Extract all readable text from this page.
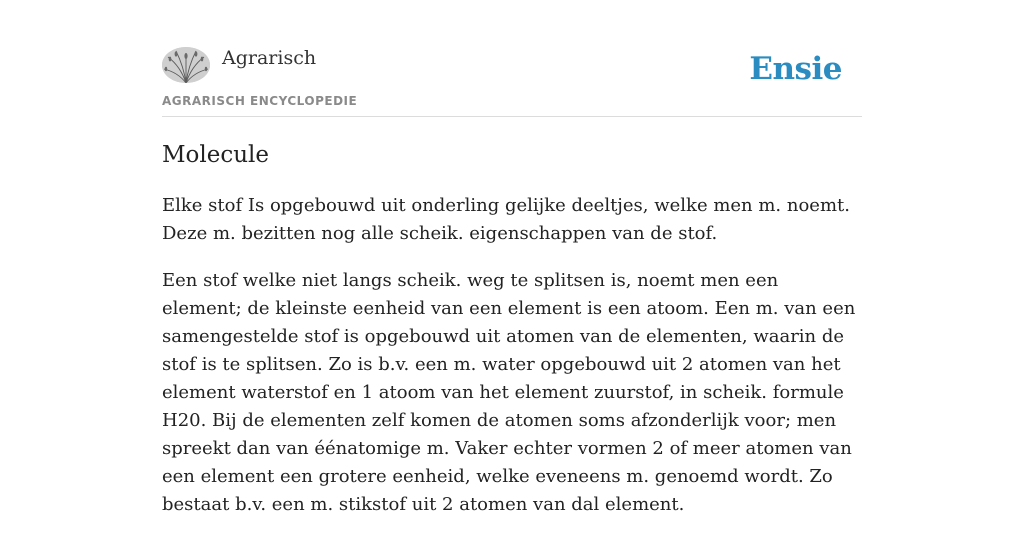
Agrarisch
AGRARISCH ENCYCLOPEDIE
Ensie
Molecule

Elke stof Is opgebouwd uit onderling gelijke deeltjes, welke men m. noemt. Deze m. bezitten nog alle scheik. eigenschappen van de stof.

Een stof welke niet langs scheik. weg te splitsen is, noemt men een element; de kleinste eenheid van een element is een atoom. Een m. van een samengestelde stof is opgebouwd uit atomen van de elementen, waarin de stof is te splitsen. Zo is b.v. een m. water opgebouwd uit 2 atomen van het element waterstof en 1 atoom van het element zuurstof, in scheik. formule H20. Bij de elementen zelf komen de atomen soms afzonderlijk voor; men spreekt dan van éénatomige m. Vaker echter vormen 2 of meer atomen van een element een grotere eenheid, welke eveneens m. genoemd wordt. Zo bestaat b.v. een m. stikstof uit 2 atomen van dal element.
